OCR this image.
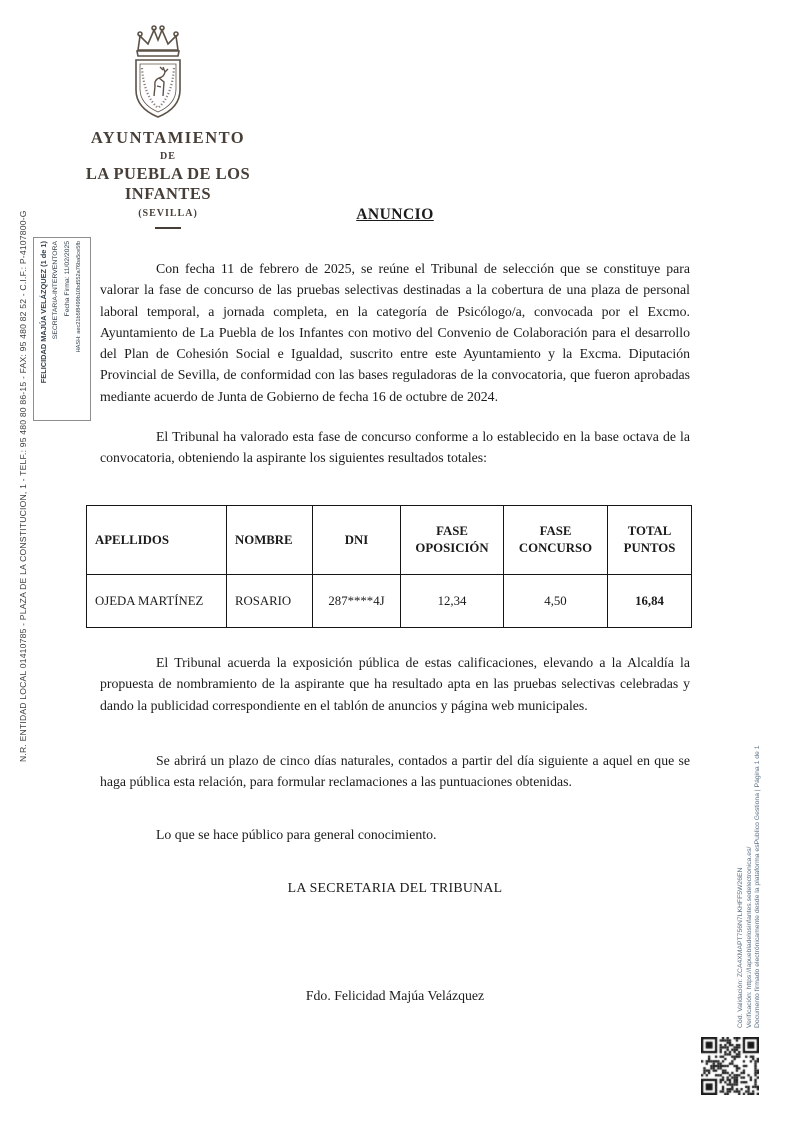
AYUNTAMIENTO
DE
LA PUEBLA DE LOS INFANTES
(SEVILLA)	ANUNCIO

Con fecha 11 de febrero de 2025, se reúne el Tribunal de selección que se constituye para valorar la fase de concurso de las pruebas selectivas destinadas a la cobertura de una plaza de personal laboral temporal, a jornada completa, en la categoría de Psicólogo/a, convocada por el Excmo. Ayuntamiento de La Puebla de los Infantes con motivo del Convenio de Colaboración para el desarrollo del Plan de Cohesión Social e Igualdad, suscrito entre este Ayuntamiento y la Excma. Diputación Provincial de Sevilla, de conformidad con las bases reguladoras de la convocatoria, que fueron aprobadas mediante acuerdo de Junta de Gobierno de fecha 16 de octubre de 2024.

El Tribunal ha valorado esta fase de concurso conforme a lo establecido en la base octava de la convocatoria, obteniendo la aspirante los siguientes resultados totales:

APELLIDOS	NOMBRE	DNI	FASE OPOSICIÓN	FASE CONCURSO	TOTAL PUNTOS
OJEDA MARTÍNEZ	ROSARIO	287****4J	12,34	4,50	16,84

El Tribunal acuerda la exposición pública de estas calificaciones, elevando a la Alcaldía la propuesta de nombramiento de la aspirante que ha resultado apta en las pruebas selectivas celebradas y dando la publicidad correspondiente en el tablón de anuncios y página web municipales.

Se abrirá un plazo de cinco días naturales, contados a partir del día siguiente a aquel en que se haga pública esta relación, para formular reclamaciones a las puntuaciones obtenidas.

Lo que se hace público para general conocimiento.

LA SECRETARIA DEL TRIBUNAL
Fdo. Felicidad Majúa Velázquez
N.R. ENTIDAD LOCAL 01410785 - PLAZA DE LA CONSTITUCION, 1 - TELF.: 95 480 80 86-15 - FAX: 95 480 82 52 - C.I.F.: P-4107800-G FELICIDAD MAJÚA VELÁZQUEZ (1 de 1) SECRETARIA-INTERVENTORA Fecha Firma: 11/02/2025 HASH: aec21b5f8499b10bd552a76ba5ce5fb
Cód. Validación: ZCA4XMAPT756N7LKHFF5W26EN Verificación: https://lapuebladelosinfantes.sedelectronica.es/ Documento firmado electrónicamente desde la plataforma esPublico Gestiona | Página 1 de 1
